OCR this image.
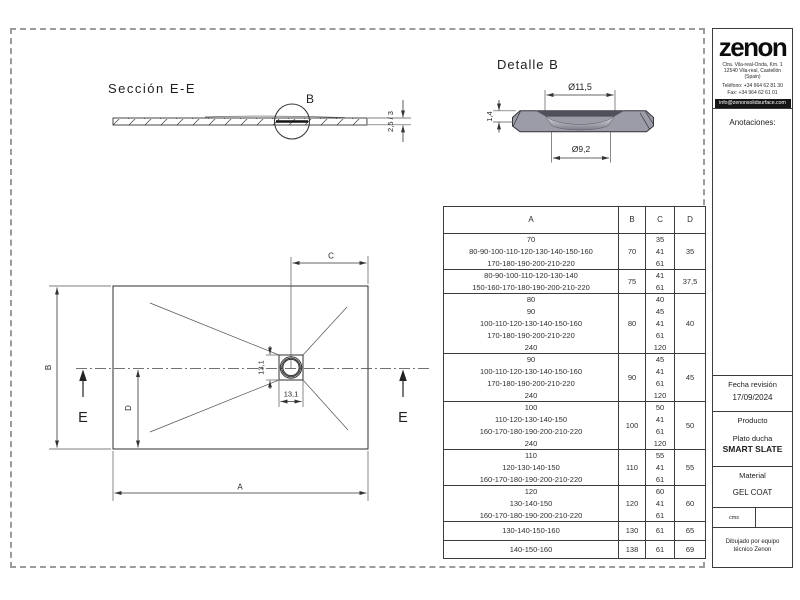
Sección E-E
B
2,5 / 3
Detalle B
Ø11,5
1,4
Ø9,2
C
B
D
A
13,1
13,1
E	E
A	B	C	D
70	70	35	35
80-90-100-110-120-130-140-150-160		41	
170-180-190-200-210-220		61	
80-90-100-110-120-130-140	75	41	37,5
150-160-170-180-190-200-210-220		61	
80	80	40	40
90		45	
100-110-120-130-140-150-160		41	
170-180-190-200-210-220		61	
240		120	
90	90	45	45
100-110-120-130-140-150-160		41	
170-180-190-200-210-220		61	
240		120	
100	100	50	50
110-120-130-140-150		41	
160-170-180-190-200-210-220		61	
240		120	
110	110	55	55
120-130-140-150		41	
160-170-180-190-200-210-220		61	
120	120	60	60
130-140-150		41	
160-170-180-190-200-210-220		61	
130-140-150-160	130	61	65
140-150-160	138	61	69
zenon
Ctra. Vila-real-Onda, Km. 1
12540 Vila-real, Castellón
(Spain)
Teléfono: +34 964 62 81 30
Fax: +34 964 62 61 01
info@zenonsolidsurface.com
Anotaciones:
Fecha revisión
17/09/2024
Producto
Plato ducha
SMART SLATE
Material
GEL COAT
cms
Dibujado por equipo técnico Zenon
